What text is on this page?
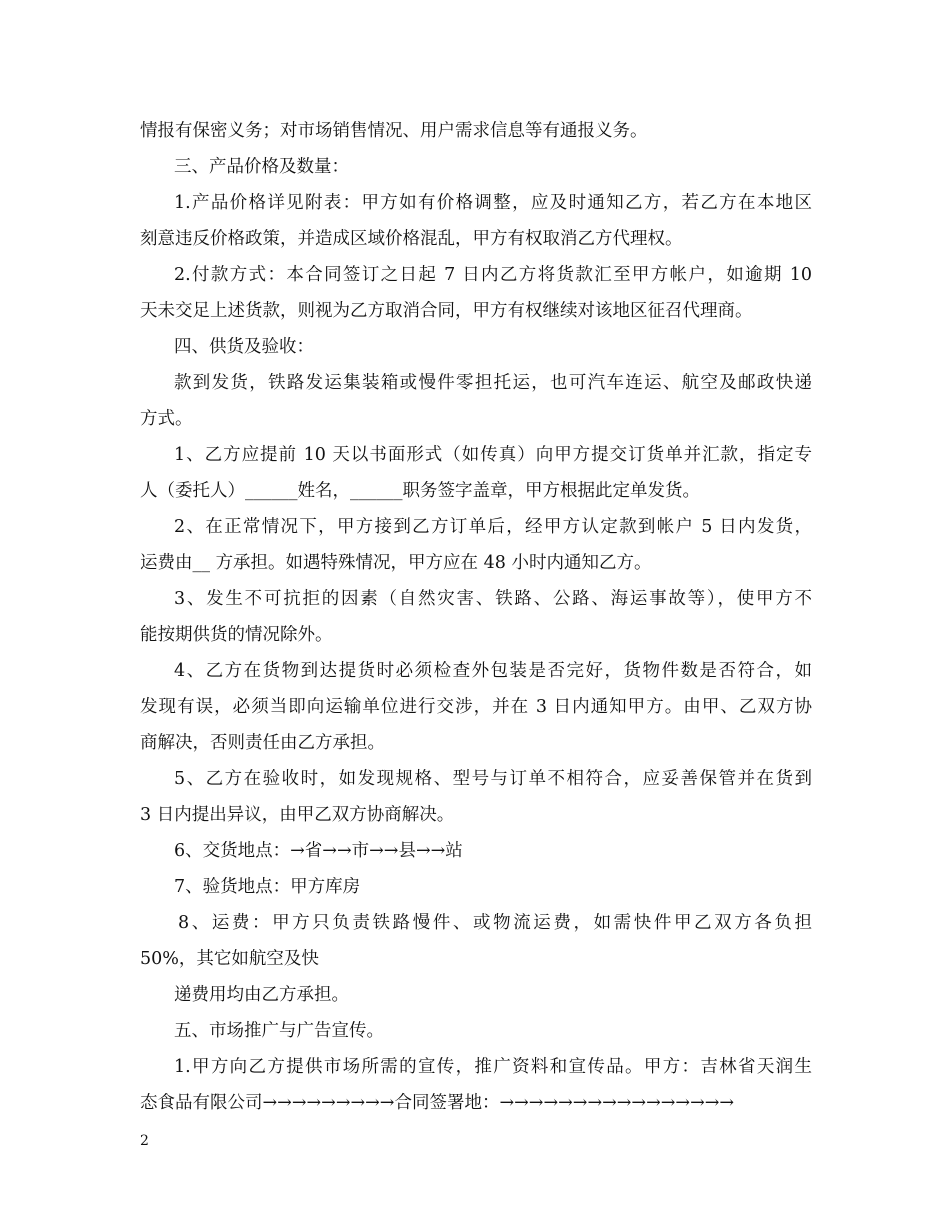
情报有保密义务；对市场销售情况、用户需求信息等有通报义务。
三、产品价格及数量：
1.产品价格详见附表：甲方如有价格调整，应及时通知乙方，若乙方在本地区
刻意违反价格政策，并造成区域价格混乱，甲方有权取消乙方代理权。
2.付款方式：本合同签订之日起 7 日内乙方将货款汇至甲方帐户，如逾期 10
天未交足上述货款，则视为乙方取消合同，甲方有权继续对该地区征召代理商。
四、供货及验收：
款到发货，铁路发运集装箱或慢件零担托运，也可汽车连运、航空及邮政快递
方式。
1、乙方应提前 10 天以书面形式（如传真）向甲方提交订货单并汇款，指定专
人（委托人）______姓名，______职务签字盖章，甲方根据此定单发货。
2、在正常情况下，甲方接到乙方订单后，经甲方认定款到帐户 5 日内发货，
运费由__ 方承担。如遇特殊情况，甲方应在 48 小时内通知乙方。
3、发生不可抗拒的因素（自然灾害、铁路、公路、海运事故等），使甲方不
能按期供货的情况除外。
4、乙方在货物到达提货时必须检查外包装是否完好，货物件数是否符合，如
发现有误，必须当即向运输单位进行交涉，并在 3 日内通知甲方。由甲、乙双方协
商解决，否则责任由乙方承担。
5、乙方在验收时，如发现规格、型号与订单不相符合，应妥善保管并在货到
3 日内提出异议，由甲乙双方协商解决。
6、交货地点：→省→→市→→县→→站
7、验货地点：甲方库房
8、运费：甲方只负责铁路慢件、或物流运费，如需快件甲乙双方各负担
50%，其它如航空及快
递费用均由乙方承担。
五、市场推广与广告宣传。
1.甲方向乙方提供市场所需的宣传，推广资料和宣传品。甲方：吉林省天润生
态食品有限公司→→→→→→→→→合同签署地：→→→→→→→→→→→→→→→→
2
